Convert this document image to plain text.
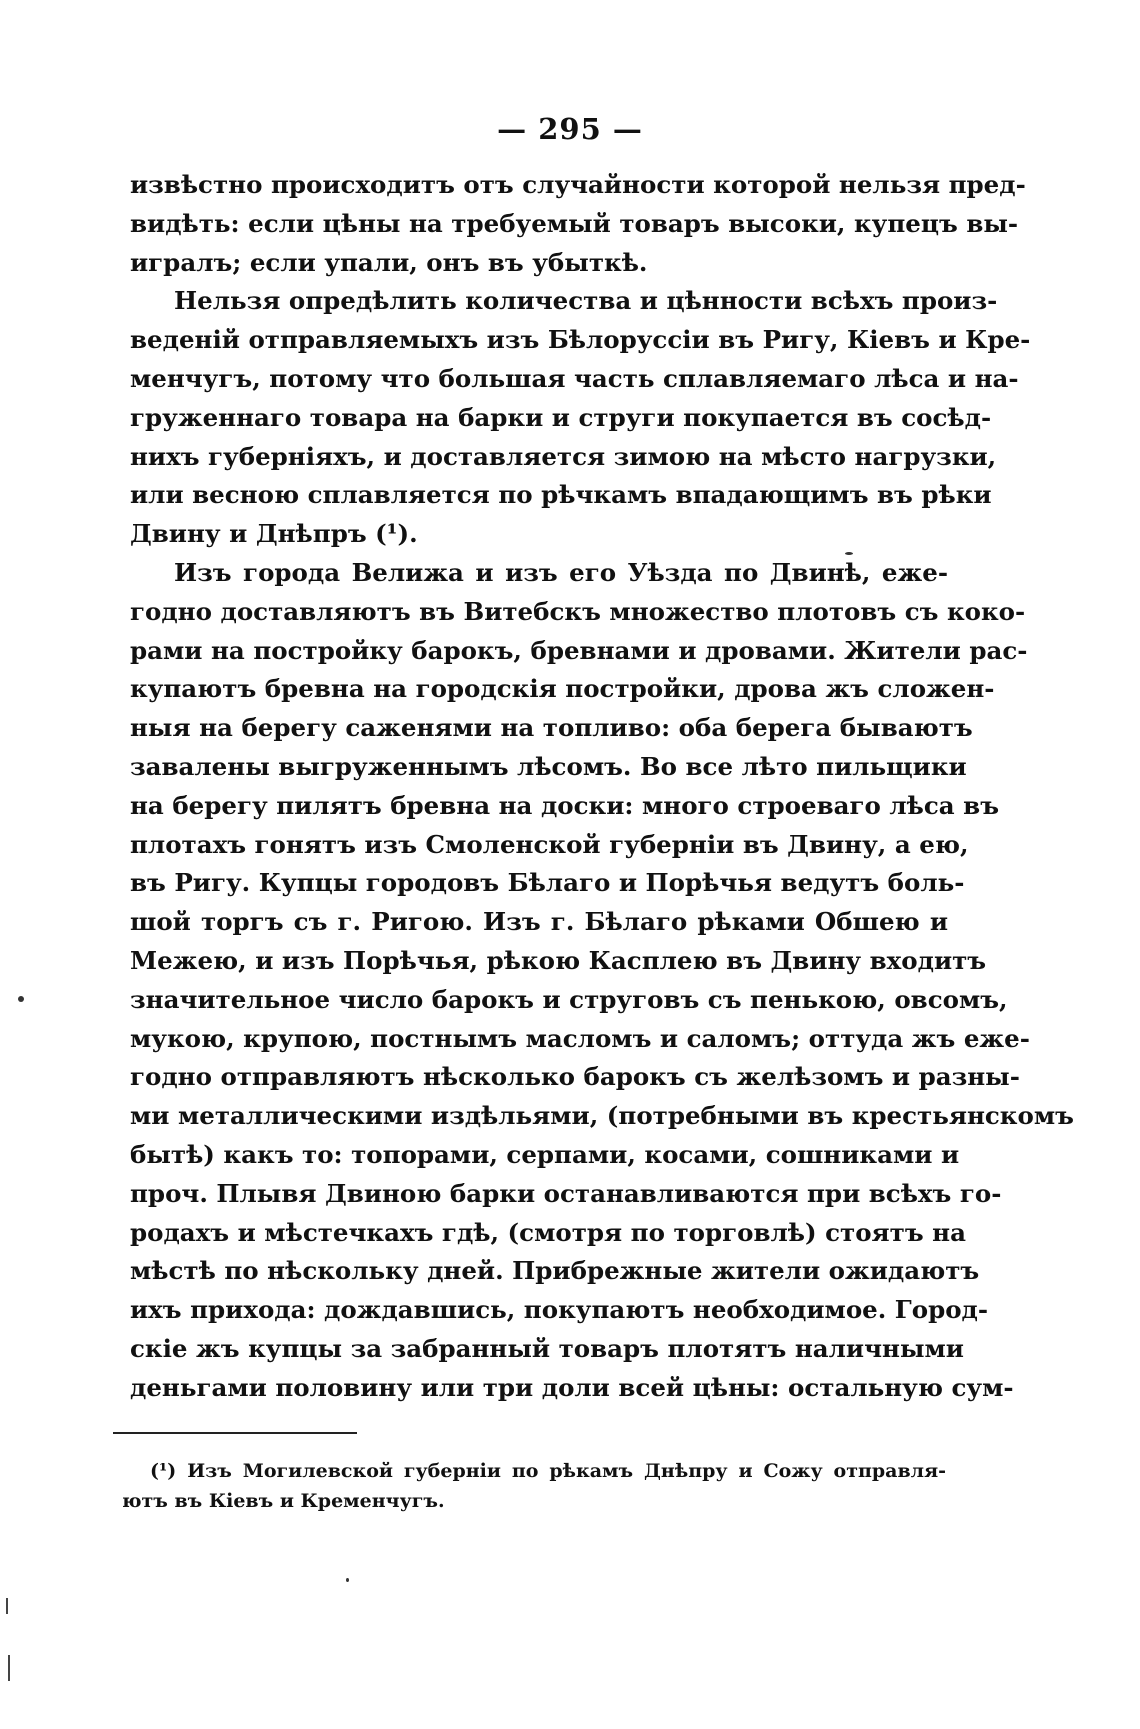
— 295 —
извѣстно происходитъ отъ случайности которой нельзя пред-
видѣть: если цѣны на требуемый товаръ высоки, купецъ вы-
игралъ; если упали, онъ въ убыткѣ.
Нельзя опредѣлить количества и цѣнности всѣхъ произ-
веденій отправляемыхъ изъ Бѣлоруссіи въ Ригу, Кіевъ и Кре-
менчугъ, потому что большая часть сплавляемаго лѣса и на-
груженнаго товара на барки и струги покупается въ сосѣд-
нихъ губерніяхъ, и доставляется зимою на мѣсто нагрузки,
или весною сплавляется по рѣчкамъ впадающимъ въ рѣки
Двину и Днѣпръ (¹).
Изъ города Велижа и изъ его Уѣзда по Двинѣ, еже-
годно доставляютъ въ Витебскъ множество плотовъ съ коко-
рами на постройку барокъ, бревнами и дровами. Жители рас-
купаютъ бревна на городскія постройки, дрова жъ сложен-
ныя на берегу саженями на топливо: оба берега бываютъ
завалены выгруженнымъ лѣсомъ. Во все лѣто пильщики
на берегу пилятъ бревна на доски: много строеваго лѣса въ
плотахъ гонятъ изъ Смоленской губерніи въ Двину, а ею,
въ Ригу. Купцы городовъ Бѣлаго и Порѣчья ведутъ боль-
шой торгъ съ г. Ригою. Изъ г. Бѣлаго рѣками Обшею и
Межею, и изъ Порѣчья, рѣкою Касплею въ Двину входитъ
значительное число барокъ и струговъ съ пенькою, овсомъ,
мукою, крупою, постнымъ масломъ и саломъ; оттуда жъ еже-
годно отправляютъ нѣсколько барокъ съ желѣзомъ и разны-
ми металлическими издѣльями, (потребными въ крестьянскомъ
бытѣ) какъ то: топорами, серпами, косами, сошниками и
проч. Плывя Двиною барки останавливаются при всѣхъ го-
родахъ и мѣстечкахъ гдѣ, (смотря по торговлѣ) стоятъ на
мѣстѣ по нѣскольку дней. Прибрежные жители ожидаютъ
ихъ прихода: дождавшись, покупаютъ необходимое. Город-
скіе жъ купцы за забранный товаръ плотятъ наличными
деньгами половину или три доли всей цѣны: остальную сум-
(¹) Изъ Могилевской губерніи по рѣкамъ Днѣпру и Сожу отправля-
ютъ въ Кіевъ и Кременчугъ.
